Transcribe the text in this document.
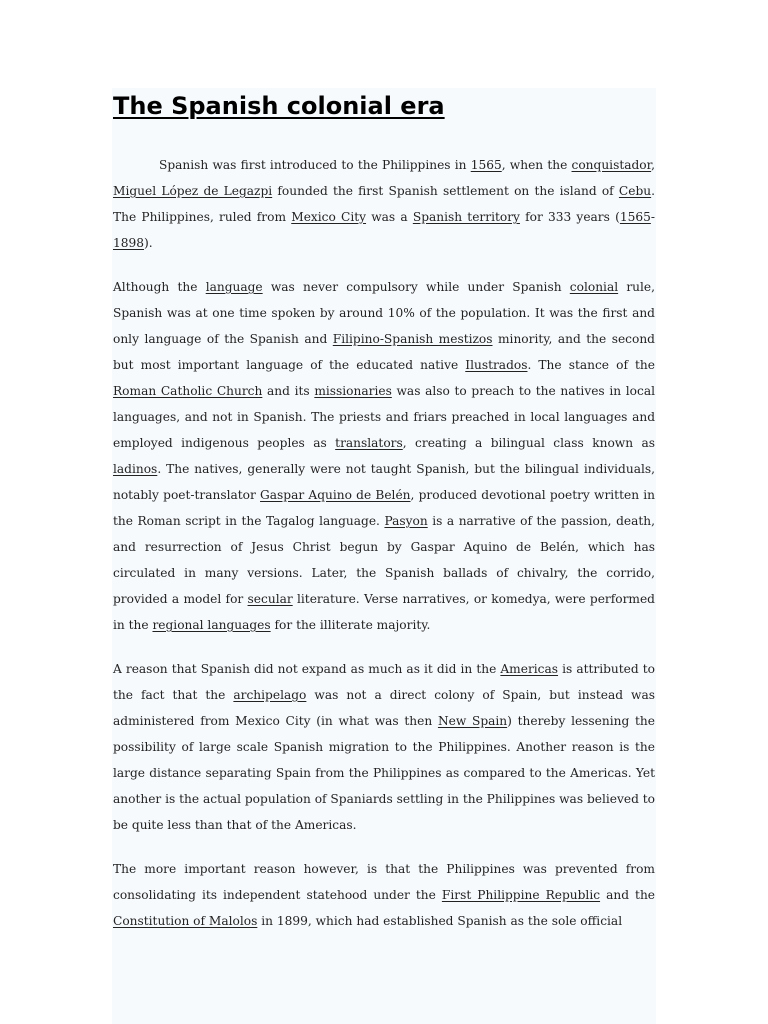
The Spanish colonial era

Spanish was first introduced to the Philippines in 1565, when the conquistador, Miguel López de Legazpi founded the first Spanish settlement on the island of Cebu. The Philippines, ruled from Mexico City was a Spanish territory for 333 years (1565-1898).

Although the language was never compulsory while under Spanish colonial rule, Spanish was at one time spoken by around 10% of the population. It was the first and only language of the Spanish and Filipino-Spanish mestizos minority, and the second but most important language of the educated native Ilustrados. The stance of the Roman Catholic Church and its missionaries was also to preach to the natives in local languages, and not in Spanish. The priests and friars preached in local languages and employed indigenous peoples as translators, creating a bilingual class known as ladinos. The natives, generally were not taught Spanish, but the bilingual individuals, notably poet-translator Gaspar Aquino de Belén, produced devotional poetry written in the Roman script in the Tagalog language. Pasyon is a narrative of the passion, death, and resurrection of Jesus Christ begun by Gaspar Aquino de Belén, which has circulated in many versions. Later, the Spanish ballads of chivalry, the corrido, provided a model for secular literature. Verse narratives, or komedya, were performed in the regional languages for the illiterate majority.

A reason that Spanish did not expand as much as it did in the Americas is attributed to the fact that the archipelago was not a direct colony of Spain, but instead was administered from Mexico City (in what was then New Spain) thereby lessening the possibility of large scale Spanish migration to the Philippines. Another reason is the large distance separating Spain from the Philippines as compared to the Americas. Yet another is the actual population of Spaniards settling in the Philippines was believed to be quite less than that of the Americas.

The more important reason however, is that the Philippines was prevented from consolidating its independent statehood under the First Philippine Republic and the Constitution of Malolos in 1899, which had established Spanish as the sole official
